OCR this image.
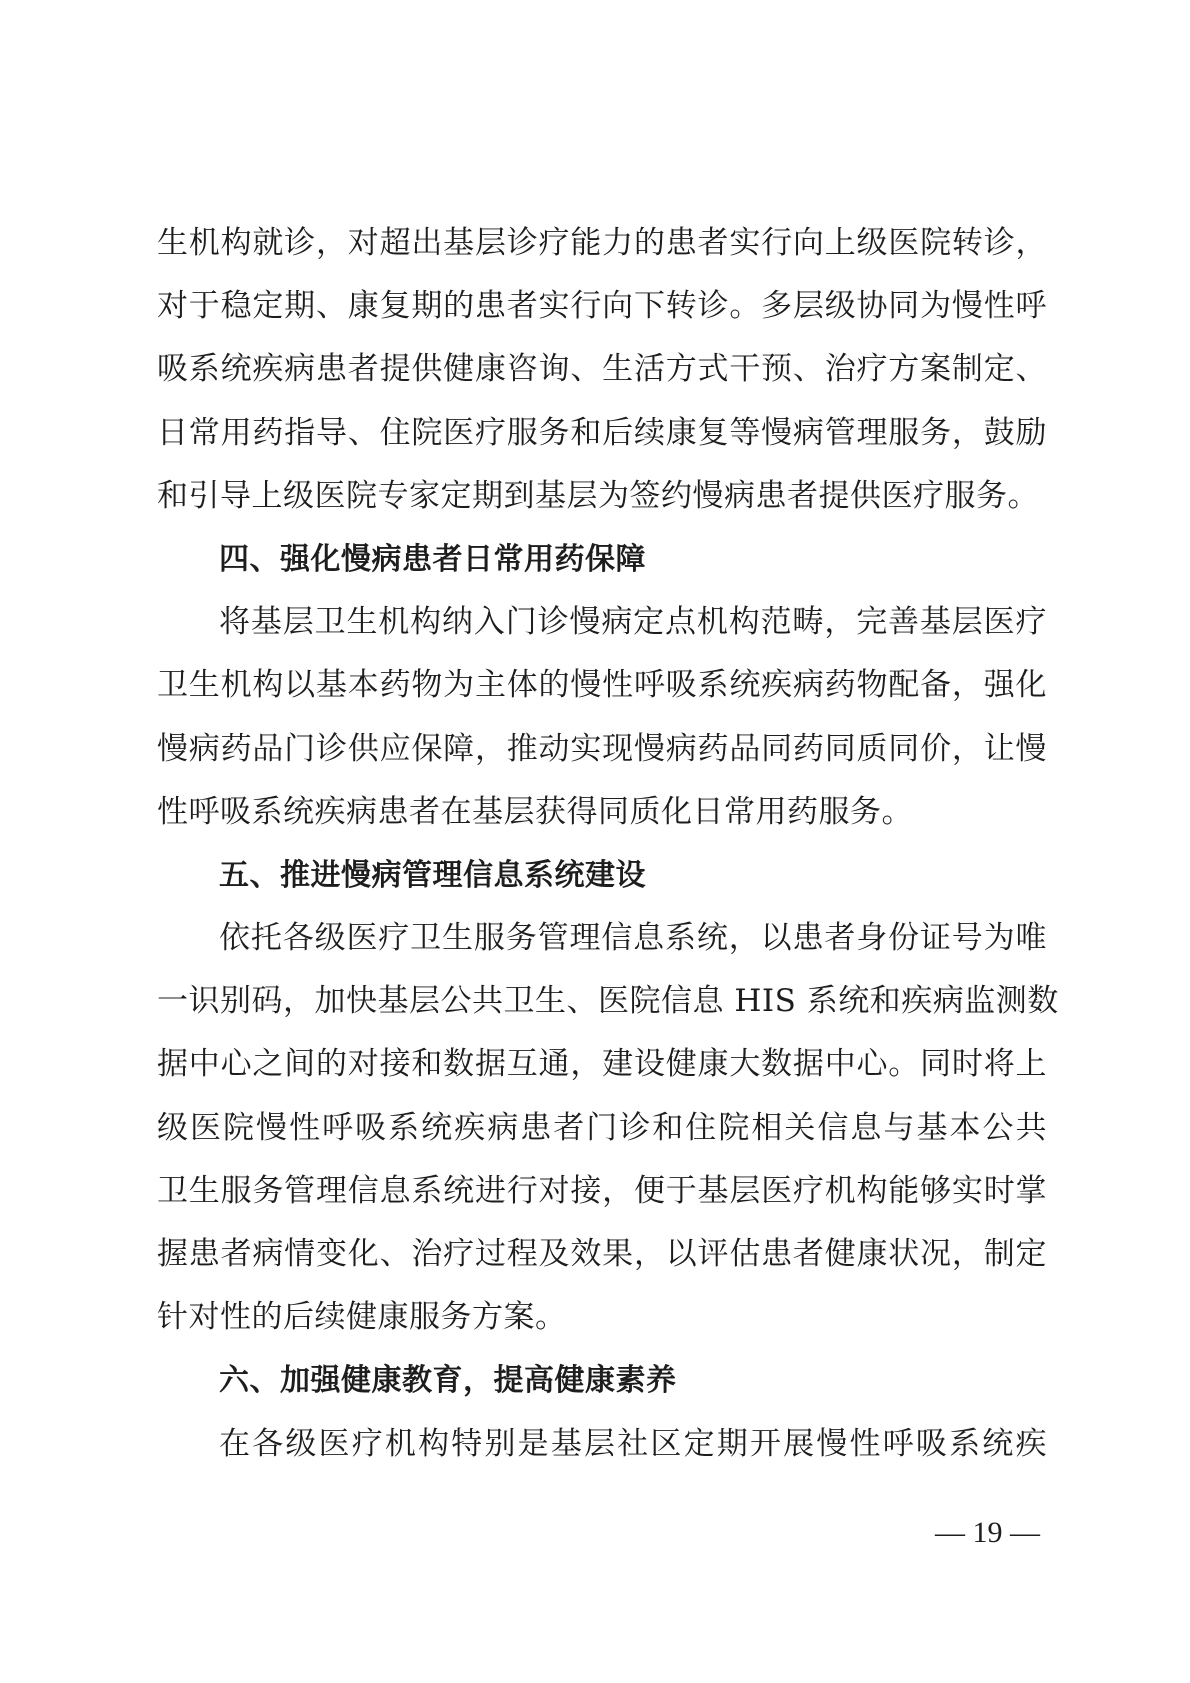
生机构就诊，对超出基层诊疗能力的患者实行向上级医院转诊，
对于稳定期、康复期的患者实行向下转诊。多层级协同为慢性呼
吸系统疾病患者提供健康咨询、生活方式干预、治疗方案制定、
日常用药指导、住院医疗服务和后续康复等慢病管理服务，鼓励
和引导上级医院专家定期到基层为签约慢病患者提供医疗服务。
四、强化慢病患者日常用药保障
将基层卫生机构纳入门诊慢病定点机构范畴，完善基层医疗
卫生机构以基本药物为主体的慢性呼吸系统疾病药物配备，强化
慢病药品门诊供应保障，推动实现慢病药品同药同质同价，让慢
性呼吸系统疾病患者在基层获得同质化日常用药服务。
五、推进慢病管理信息系统建设
依托各级医疗卫生服务管理信息系统，以患者身份证号为唯
一识别码，加快基层公共卫生、医院信息 HIS 系统和疾病监测数
据中心之间的对接和数据互通，建设健康大数据中心。同时将上
级医院慢性呼吸系统疾病患者门诊和住院相关信息与基本公共
卫生服务管理信息系统进行对接，便于基层医疗机构能够实时掌
握患者病情变化、治疗过程及效果，以评估患者健康状况，制定
针对性的后续健康服务方案。
六、加强健康教育，提高健康素养
在各级医疗机构特别是基层社区定期开展慢性呼吸系统疾
— 19 —
